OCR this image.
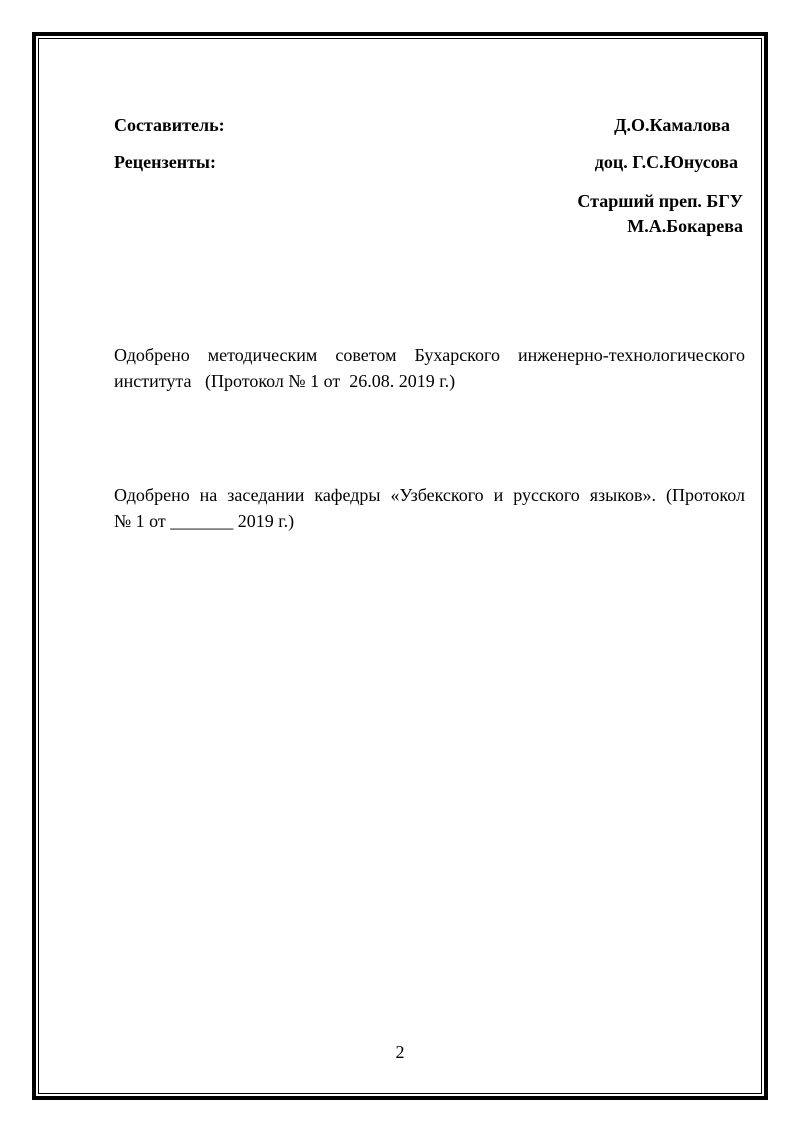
Составитель:	Д.О.Камалова
Рецензенты:	доц. Г.С.Юнусова
Старший преп. БГУ
М.А.Бокарева
Одобрено методическим советом Бухарского инженерно-технологического
института   (Протокол № 1 от  26.08. 2019 г.)
Одобрено на заседании кафедры «Узбекского и русского языков». (Протокол
№ 1 от _______ 2019 г.)
2
